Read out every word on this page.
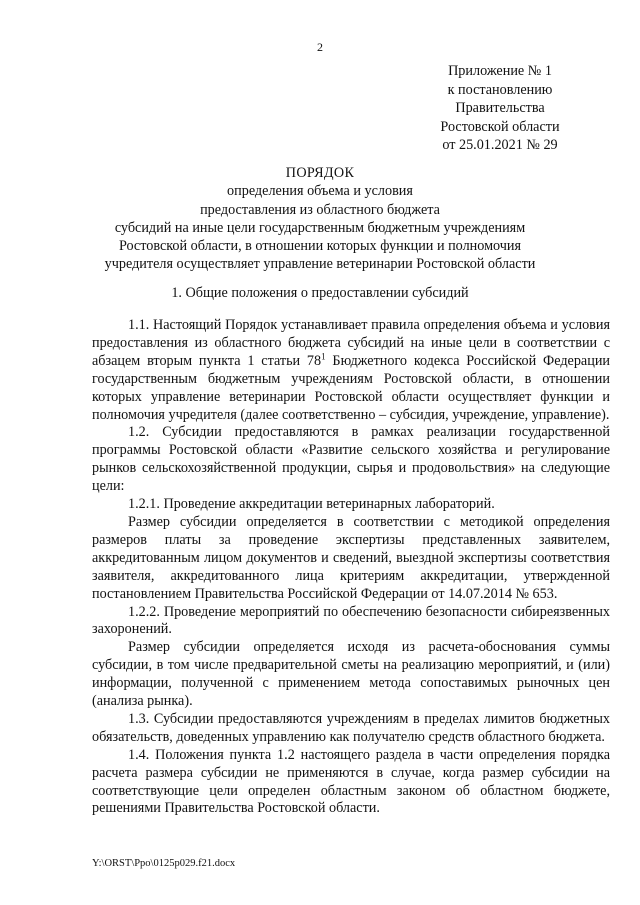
2
Приложение № 1
к постановлению
Правительства
Ростовской области
от 25.01.2021 № 29
ПОРЯДОК
определения объема и условия
предоставления из областного бюджета
субсидий на иные цели государственным бюджетным учреждениям
Ростовской области, в отношении которых функции и полномочия
учредителя осуществляет управление ветеринарии Ростовской области
1. Общие положения о предоставлении субсидий

1.1. Настоящий Порядок устанавливает правила определения объема и условия предоставления из областного бюджета субсидий на иные цели в соответствии с абзацем вторым пункта 1 статьи $78^1$ Бюджетного кодекса Российской Федерации государственным бюджетным учреждениям Ростовской области, в отношении которых управление ветеринарии Ростовской области осуществляет функции и полномочия учредителя (далее соответственно – субсидия, учреждение, управление).

1.2. Субсидии предоставляются в рамках реализации государственной программы Ростовской области «Развитие сельского хозяйства и регулирование рынков сельскохозяйственной продукции, сырья и продовольствия» на следующие цели:

1.2.1. Проведение аккредитации ветеринарных лабораторий.

Размер субсидии определяется в соответствии с методикой определения размеров платы за проведение экспертизы представленных заявителем, аккредитованным лицом документов и сведений, выездной экспертизы соответствия заявителя, аккредитованного лица критериям аккредитации, утвержденной постановлением Правительства Российской Федерации от 14.07.2014 № 653.

1.2.2. Проведение мероприятий по обеспечению безопасности сибиреязвенных захоронений.

Размер субсидии определяется исходя из расчета-обоснования суммы субсидии, в том числе предварительной сметы на реализацию мероприятий, и (или) информации, полученной с применением метода сопоставимых рыночных цен (анализа рынка).

1.3. Субсидии предоставляются учреждениям в пределах лимитов бюджетных обязательств, доведенных управлению как получателю средств областного бюджета.

1.4. Положения пункта 1.2 настоящего раздела в части определения порядка расчета размера субсидии не применяются в случае, когда размер субсидии на соответствующие цели определен областным законом об областном бюджете, решениями Правительства Ростовской области.

Y:\ORST\Ppo\0125p029.f21.docx
